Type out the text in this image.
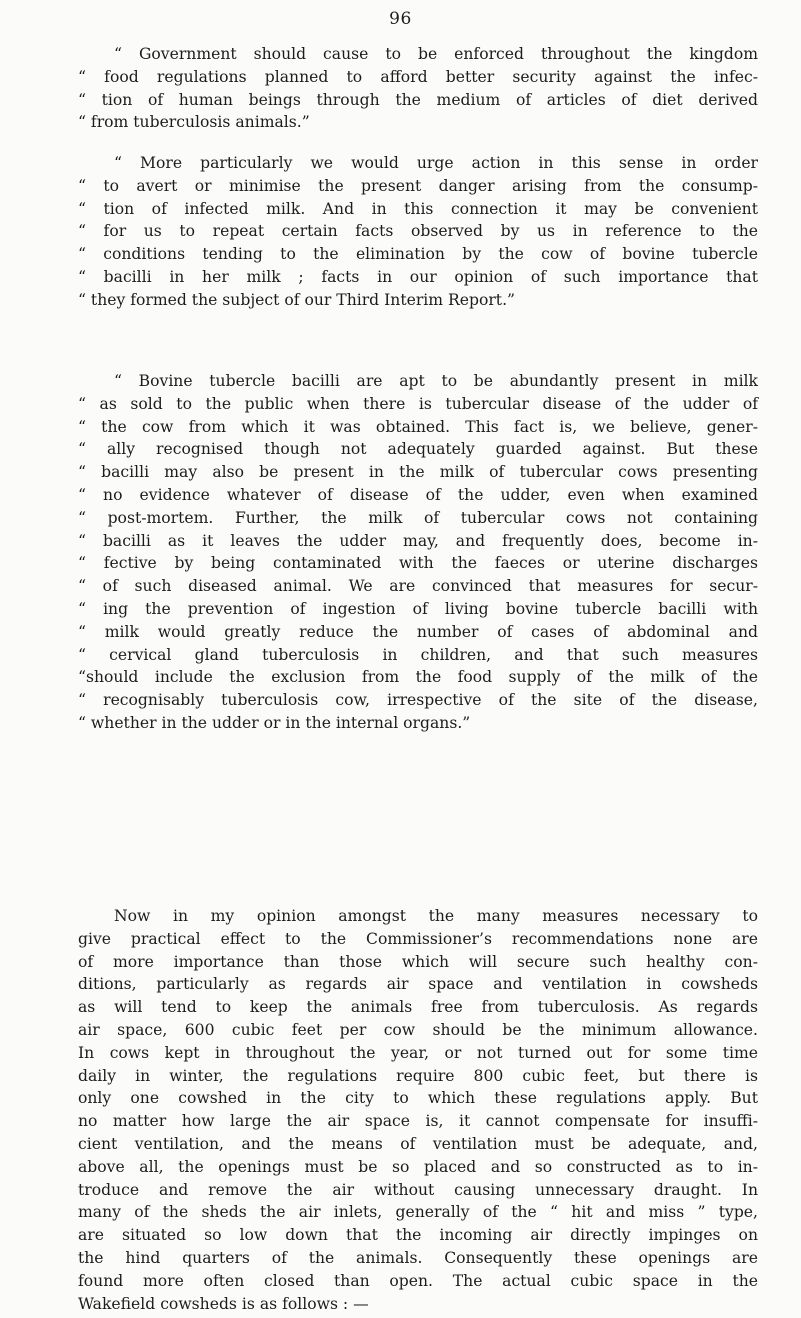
96
“ Government should cause to be enforced throughout the kingdom
“ food regulations planned to afford better security against the infec-
“ tion of human beings through the medium of articles of diet derived
“ from tuberculosis animals.”
“ More particularly we would urge action in this sense in order
“ to avert or minimise the present danger arising from the consump-
“ tion of infected milk. And in this connection it may be convenient
“ for us to repeat certain facts observed by us in reference to the
“ conditions tending to the elimination by the cow of bovine tubercle
“ bacilli in her milk ; facts in our opinion of such importance that
“ they formed the subject of our Third Interim Report.”
“ Bovine tubercle bacilli are apt to be abundantly present in milk
“ as sold to the public when there is tubercular disease of the udder of
“ the cow from which it was obtained. This fact is, we believe, gener-
“ ally recognised though not adequately guarded against. But these
“ bacilli may also be present in the milk of tubercular cows presenting
“ no evidence whatever of disease of the udder, even when examined
“ post-mortem. Further, the milk of tubercular cows not containing
“ bacilli as it leaves the udder may, and frequently does, become in-
“ fective by being contaminated with the faeces or uterine discharges
“ of such diseased animal. We are convinced that measures for secur-
“ ing the prevention of ingestion of living bovine tubercle bacilli with
“ milk would greatly reduce the number of cases of abdominal and
“ cervical gland tuberculosis in children, and that such measures
“should include the exclusion from the food supply of the milk of the
“ recognisably tuberculosis cow, irrespective of the site of the disease,
“ whether in the udder or in the internal organs.”
Now in my opinion amongst the many measures necessary to
give practical effect to the Commissioner’s recommendations none are
of more importance than those which will secure such healthy con-
ditions, particularly as regards air space and ventilation in cowsheds
as will tend to keep the animals free from tuberculosis. As regards
air space, 600 cubic feet per cow should be the minimum allowance.
In cows kept in throughout the year, or not turned out for some time
daily in winter, the regulations require 800 cubic feet, but there is
only one cowshed in the city to which these regulations apply. But
no matter how large the air space is, it cannot compensate for insuffi-
cient ventilation, and the means of ventilation must be adequate, and,
above all, the openings must be so placed and so constructed as to in-
troduce and remove the air without causing unnecessary draught. In
many of the sheds the air inlets, generally of the “ hit and miss ” type,
are situated so low down that the incoming air directly impinges on
the hind quarters of the animals. Consequently these openings are
found more often closed than open. The actual cubic space in the
Wakefield cowsheds is as follows : —
